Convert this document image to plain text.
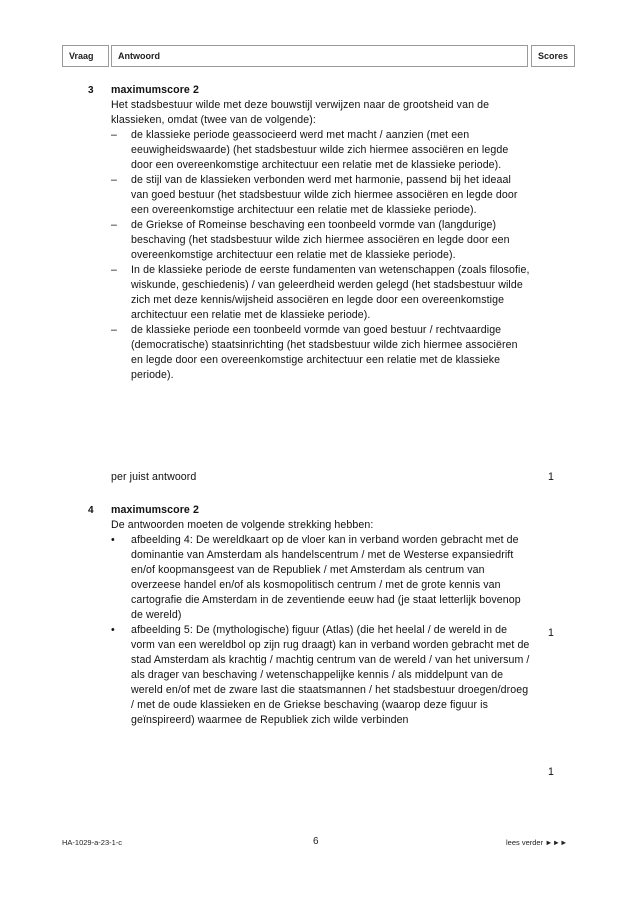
Vraag	Antwoord	Scores
3 maximumscore 2
Het stadsbestuur wilde met deze bouwstijl verwijzen naar de grootsheid van de klassieken, omdat (twee van de volgende):
–	de klassieke periode geassocieerd werd met macht / aanzien (met een eeuwigheidswaarde) (het stadsbestuur wilde zich hiermee associëren en legde door een overeenkomstige architectuur een relatie met de klassieke periode).
–	de stijl van de klassieken verbonden werd met harmonie, passend bij het ideaal van goed bestuur (het stadsbestuur wilde zich hiermee associëren en legde door een overeenkomstige architectuur een relatie met de klassieke periode).
–	de Griekse of Romeinse beschaving een toonbeeld vormde van (langdurige) beschaving (het stadsbestuur wilde zich hiermee associëren en legde door een overeenkomstige architectuur een relatie met de klassieke periode).
–	In de klassieke periode de eerste fundamenten van wetenschappen (zoals filosofie, wiskunde, geschiedenis) / van geleerdheid werden gelegd (het stadsbestuur wilde zich met deze kennis/wijsheid associëren en legde door een overeenkomstige architectuur een relatie met de klassieke periode).
–	de klassieke periode een toonbeeld vormde van goed bestuur / rechtvaardige (democratische) staatsinrichting (het stadsbestuur wilde zich hiermee associëren en legde door een overeenkomstige architectuur een relatie met de klassieke periode).
per juist antwoord	1
4 maximumscore 2
De antwoorden moeten de volgende strekking hebben:
•	afbeelding 4: De wereldkaart op de vloer kan in verband worden gebracht met de dominantie van Amsterdam als handelscentrum / met de Westerse expansiedrift en/of koopmansgeest van de Republiek / met Amsterdam als centrum van overzeese handel en/of als kosmopolitisch centrum / met de grote kennis van cartografie die Amsterdam in de zeventiende eeuw had (je staat letterlijk bovenop de wereld)
•	afbeelding 5: De (mythologische) figuur (Atlas) (die het heelal / de wereld in de vorm van een wereldbol op zijn rug draagt) kan in verband worden gebracht met de stad Amsterdam als krachtig / machtig centrum van de wereld / van het universum / als drager van beschaving / wetenschappelijke kennis / als middelpunt van de wereld en/of met de zware last die staatsmannen / het stadsbestuur droegen/droeg / met de oude klassieken en de Griekse beschaving (waarop deze figuur is geïnspireerd) waarmee de Republiek zich wilde verbinden
1
1
HA-1029-a-23-1-c	6	lees verder ►►►
